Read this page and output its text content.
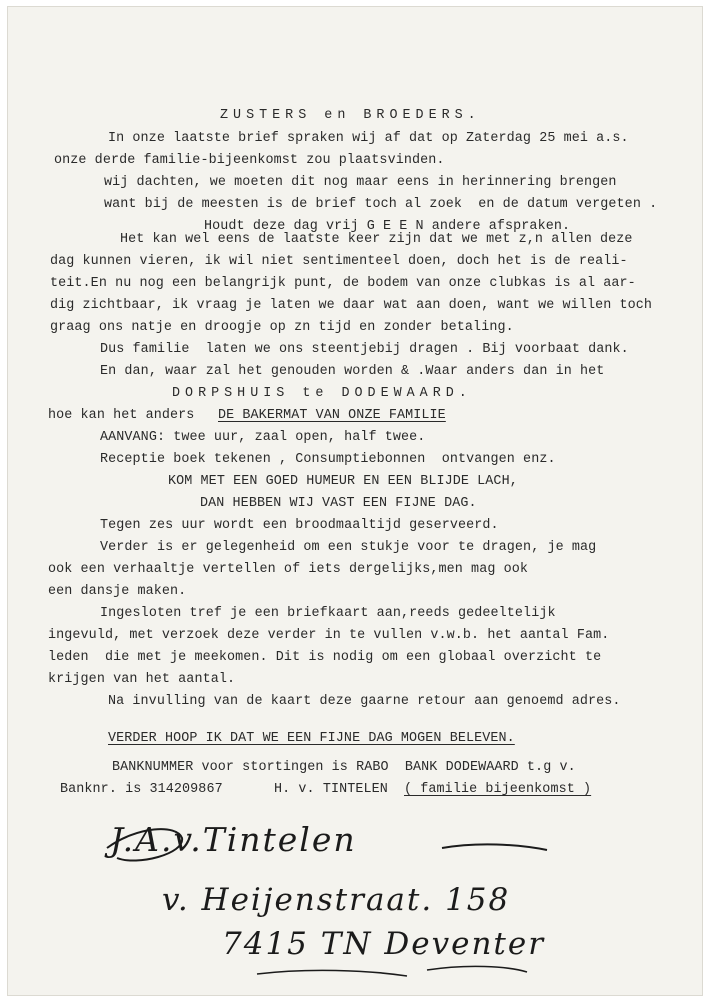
ZUSTERS en BROEDERS.
In onze laatste brief spraken wij af dat op Zaterdag 25 mei a.s.
onze derde familie-bijeenkomst zou plaatsvinden.
wij dachten, we moeten dit nog maar eens in herinnering brengen
want bij de meesten is de brief toch al zoek  en de datum vergeten .
Houdt deze dag vrij G E E N andere afspraken.
Het kan wel eens de laatste keer zijn dat we met z,n allen deze
dag kunnen vieren, ik wil niet sentimenteel doen, doch het is de reali-
teit.En nu nog een belangrijk punt, de bodem van onze clubkas is al aar-
dig zichtbaar, ik vraag je laten we daar wat aan doen, want we willen toch
graag ons natje en droogje op zn tijd en zonder betaling.
Dus familie  laten we ons steentjebij dragen . Bij voorbaat dank.
En dan, waar zal het genouden worden & .Waar anders dan in het
DORPSHUIS te DODEWAARD.
hoe kan het anders DE BAKERMAT VAN ONZE FAMILIE
AANVANG: twee uur, zaal open, half twee.
Receptie boek tekenen , Consumptiebonnen  ontvangen enz.
KOM MET EEN GOED HUMEUR EN EEN BLIJDE LACH,
DAN HEBBEN WIJ VAST EEN FIJNE DAG.
Tegen zes uur wordt een broodmaaltijd geserveerd.
Verder is er gelegenheid om een stukje voor te dragen, je mag
ook een verhaaltje vertellen of iets dergelijks,men mag ook
een dansje maken.
Ingesloten tref je een briefkaart aan,reeds gedeeltelijk
ingevuld, met verzoek deze verder in te vullen v.w.b. het aantal Fam.
leden  die met je meekomen. Dit is nodig om een globaal overzicht te
krijgen van het aantal.
Na invulling van de kaart deze gaarne retour aan genoemd adres.
VERDER HOOP IK DAT WE EEN FIJNE DAG MOGEN BELEVEN.
BANKNUMMER voor stortingen is RABO  BANK DODEWAARD t.g v.
Banknr. is 314209867	H. v. TINTELEN ( familie bijeenkomst )
J.A.v.Tintelen
v. Heijenstraat. 158
7415 TN Deventer
